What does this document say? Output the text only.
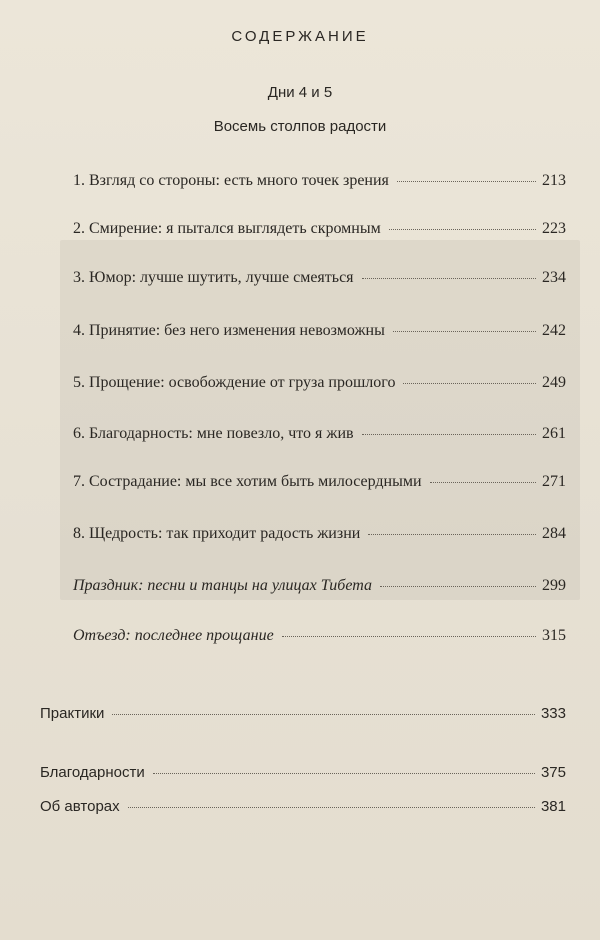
СОДЕРЖАНИЕ
Дни 4 и 5
Восемь столпов радости
1. Взгляд со стороны: есть много точек зрения	213
2. Смирение: я пытался выглядеть скромным	223
3. Юмор: лучше шутить, лучше смеяться	234
4. Принятие: без него изменения невозможны	242
5. Прощение: освобождение от груза прошлого	249
6. Благодарность: мне повезло, что я жив	261
7. Сострадание: мы все хотим быть милосердными	271
8. Щедрость: так приходит радость жизни	284
Праздник: песни и танцы на улицах Тибета	299
Отъезд: последнее прощание	315
Практики	333
Благодарности	375
Об авторах	381
